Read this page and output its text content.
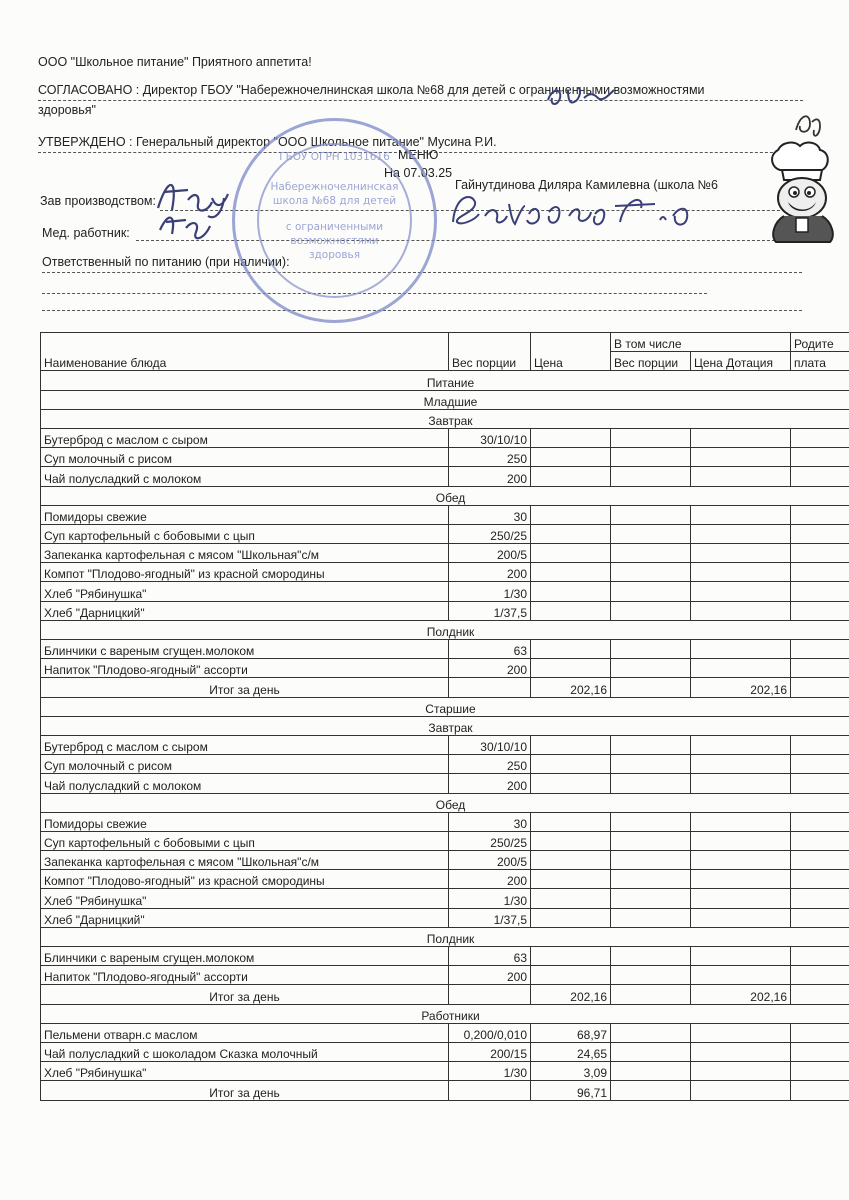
ООО "Школьное питание" Приятного аппетита!
СОГЛАСОВАНО : Директор ГБОУ "Набережночелнинская школа №68 для детей с ограниченными возможностями
здоровья"
УТВЕРЖДЕНО : Генеральный директор "ООО Школьное питание" Мусина Р.И.
МЕНЮ
На 07.03.25
Зав производством:
Гайнутдинова Диляра Камилевна (школа №6
Мед. работник:
Ответственный по питанию (при наличии):
ГБОУ ОГРН 1031616
Набережночелнинская
школа №68 для детей
с ограниченными
возможностями
здоровья
Наименование блюда	Вес порции	Цена	В том числе		Родите
			Вес порции	Цена Дотация	плата
Питание					
Младшие					
Завтрак					
Бутерброд с маслом с сыром	30/10/10				
Суп молочный с рисом	250				
Чай полусладкий с молоком	200				
Обед					
Помидоры свежие	30				
Суп картофельный с бобовыми с цып	250/25				
Запеканка картофельная с мясом "Школьная"с/м	200/5				
Компот "Плодово-ягодный" из красной смородины	200				
Хлеб "Рябинушка"	1/30				
Хлеб "Дарницкий"	1/37,5				
Полдник					
Блинчики с вареным сгущен.молоком	63				
Напиток "Плодово-ягодный" ассорти	200				
Итог за день		202,16		202,16	
Старшие					
Завтрак					
Бутерброд с маслом с сыром	30/10/10				
Суп молочный с рисом	250				
Чай полусладкий с молоком	200				
Обед					
Помидоры свежие	30				
Суп картофельный с бобовыми с цып	250/25				
Запеканка картофельная с мясом "Школьная"с/м	200/5				
Компот "Плодово-ягодный" из красной смородины	200				
Хлеб "Рябинушка"	1/30				
Хлеб "Дарницкий"	1/37,5				
Полдник					
Блинчики с вареным сгущен.молоком	63				
Напиток "Плодово-ягодный" ассорти	200				
Итог за день		202,16		202,16	
Работники					
Пельмени отварн.с маслом	0,200/0,010	68,97			
Чай полусладкий с шоколадом Сказка молочный	200/15	24,65			
Хлеб "Рябинушка"	1/30	3,09			
Итог за день		96,71			
